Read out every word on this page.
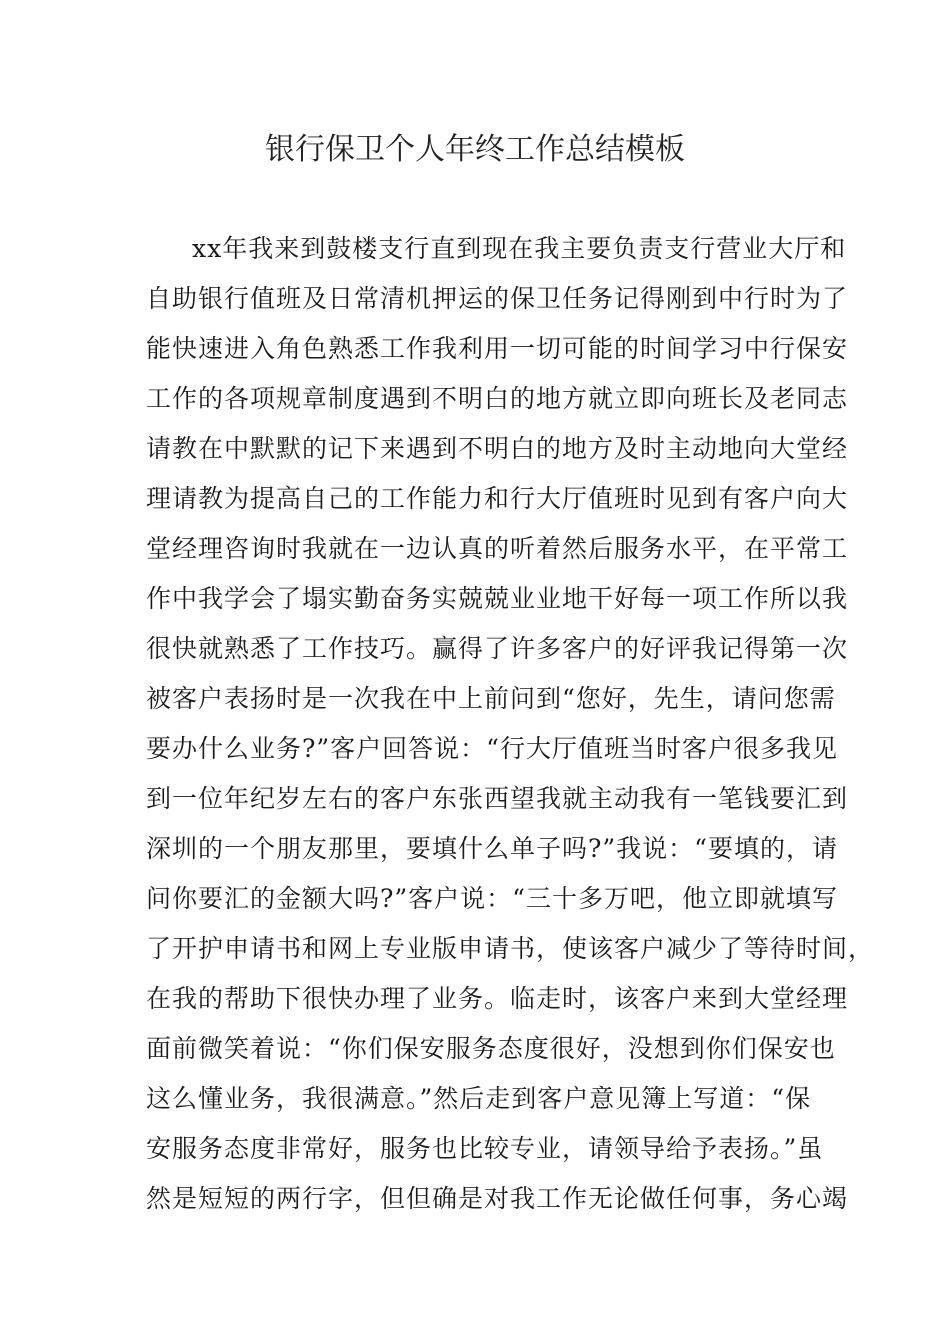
银行保卫个人年终工作总结模板
xx年我来到鼓楼支行直到现在我主要负责支行营业大厅和
自助银行值班及日常清机押运的保卫任务记得刚到中行时为了
能快速进入角色熟悉工作我利用一切可能的时间学习中行保安
工作的各项规章制度遇到不明白的地方就立即向班长及老同志
请教在中默默的记下来遇到不明白的地方及时主动地向大堂经
理请教为提高自己的工作能力和行大厅值班时见到有客户向大
堂经理咨询时我就在一边认真的听着然后服务水平，在平常工
作中我学会了塌实勤奋务实兢兢业业地干好每一项工作所以我
很快就熟悉了工作技巧。赢得了许多客户的好评我记得第一次
被客户表扬时是一次我在中上前问到“您好，先生，请问您需
要办什么业务?”客户回答说：“行大厅值班当时客户很多我见
到一位年纪岁左右的客户东张西望我就主动我有一笔钱要汇到
深圳的一个朋友那里，要填什么单子吗?”我说：“要填的，请
问你要汇的金额大吗?”客户说：“三十多万吧，他立即就填写
了开护申请书和网上专业版申请书，使该客户减少了等待时间，
在我的帮助下很快办理了业务。临走时，该客户来到大堂经理
面前微笑着说：“你们保安服务态度很好，没想到你们保安也
这么懂业务，我很满意。”然后走到客户意见簿上写道：“保
安服务态度非常好，服务也比较专业，请领导给予表扬。”虽
然是短短的两行字，但但确是对我工作无论做任何事，务心竭
